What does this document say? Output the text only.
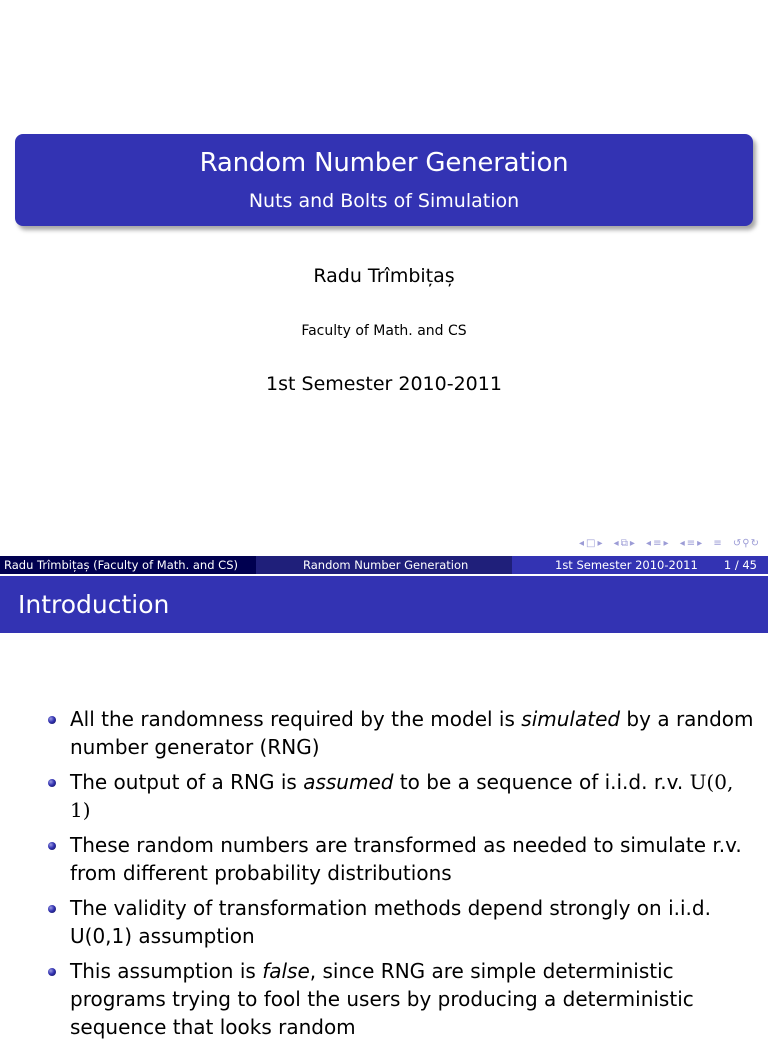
Random Number Generation
Nuts and Bolts of Simulation
Radu Trîmbițaș
Faculty of Math. and CS
1st Semester 2010-2011
◂□▸ ◂⧉▸ ◂≡▸ ◂≡▸ ≡ ↺⚲↻
Radu Trîmbițaș (Faculty of Math. and CS)	Random Number Generation	1st Semester 2010-2011 1 / 45
Introduction
All the randomness required by the model is simulated by a random number generator (RNG)
The output of a RNG is assumed to be a sequence of i.i.d. r.v. U(0, 1)
These random numbers are transformed as needed to simulate r.v. from different probability distributions
The validity of transformation methods depend strongly on i.i.d. U(0,1) assumption
This assumption is false, since RNG are simple deterministic programs trying to fool the users by producing a deterministic sequence that looks random
